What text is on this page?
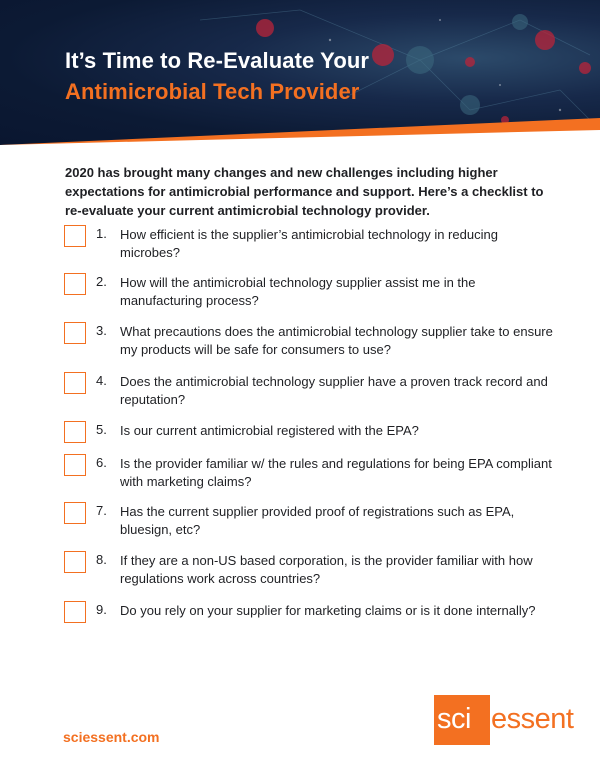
It’s Time to Re-Evaluate Your
Antimicrobial Tech Provider
2020 has brought many changes and new challenges including higher expectations for antimicrobial performance and support. Here’s a checklist to re-evaluate your current antimicrobial technology provider.
1. How efficient is the supplier’s antimicrobial technology in reducing microbes?
2. How will the antimicrobial technology supplier assist me in the manufacturing process?
3. What precautions does the antimicrobial technology supplier take to ensure my products will be safe for consumers to use?
4. Does the antimicrobial technology supplier have a proven track record and reputation?
5. Is our current antimicrobial registered with the EPA?
6. Is the provider familiar w/ the rules and regulations for being EPA compliant with marketing claims?
7. Has the current supplier provided proof of registrations such as EPA, bluesign, etc?
8. If they are a non-US based corporation, is the provider familiar with how regulations work across countries?
9. Do you rely on your supplier for marketing claims or is it done internally?
sciessent.com
sci essent
